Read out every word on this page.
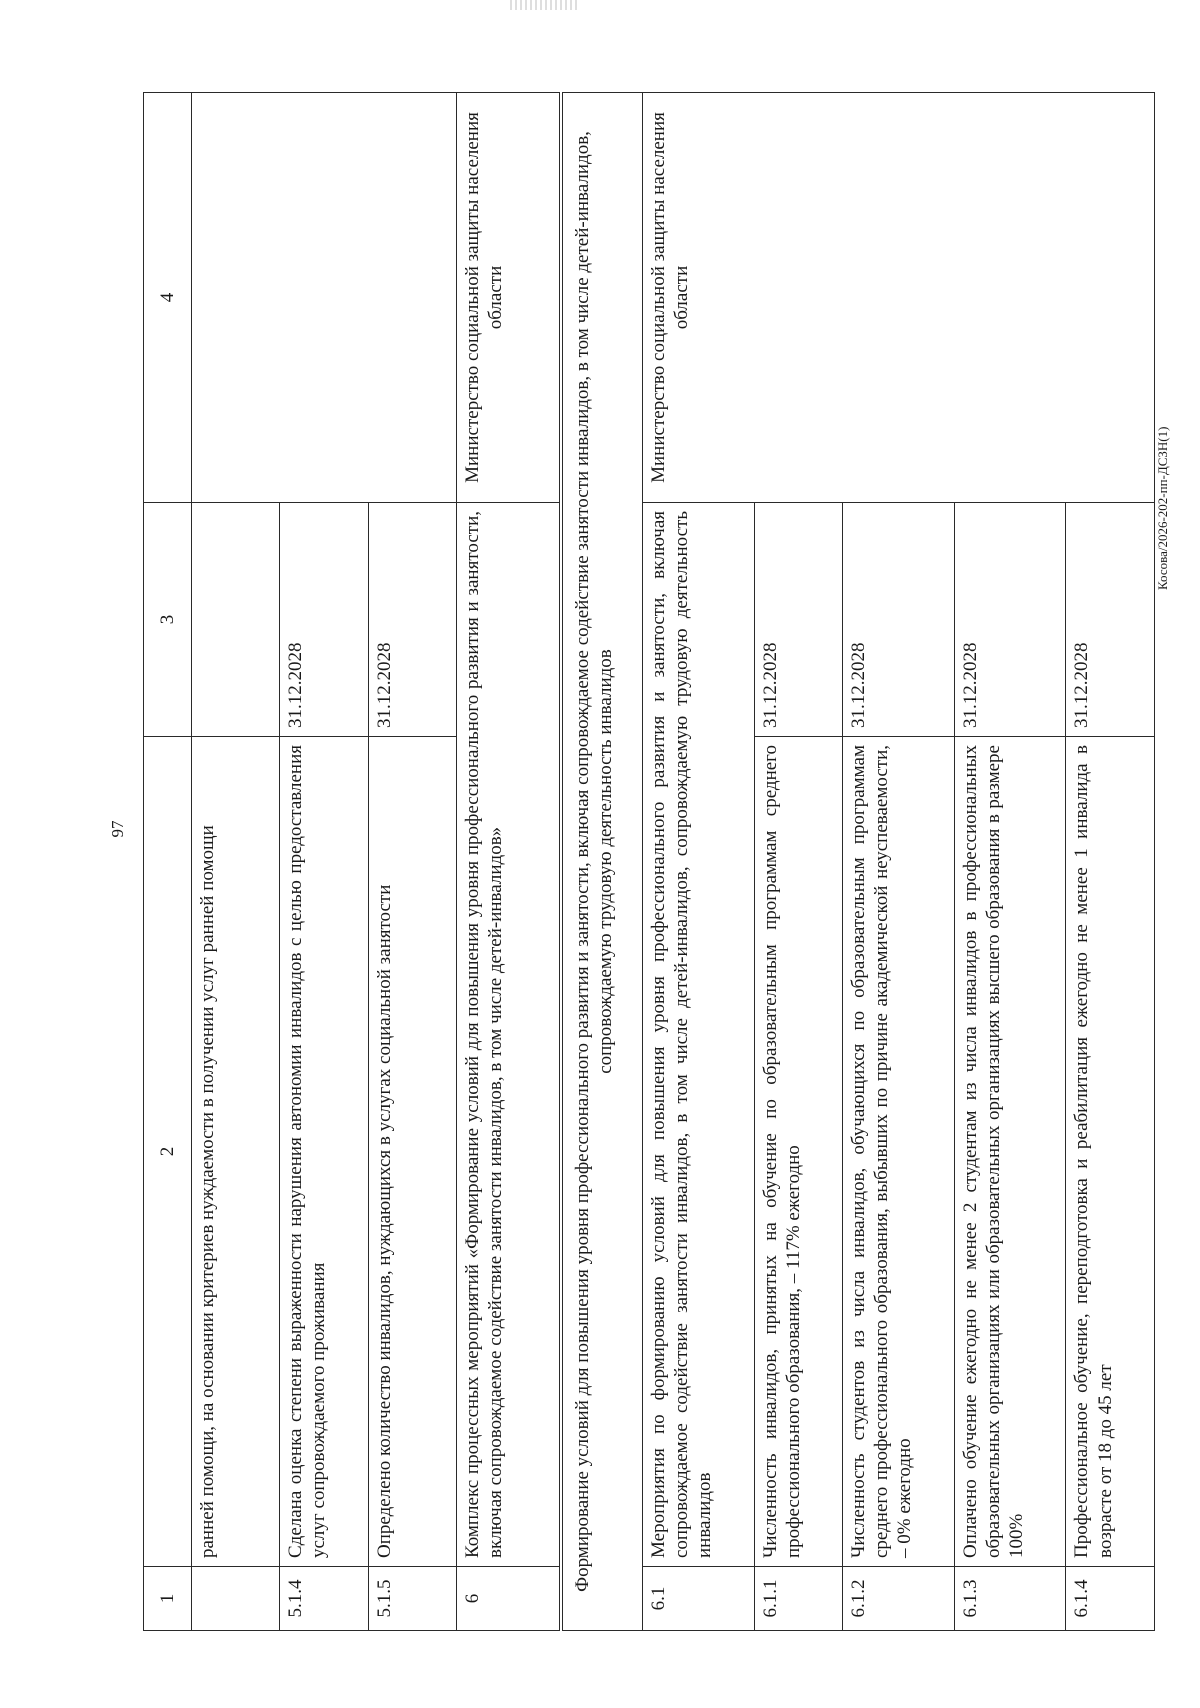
97
Косова/2026-202-пп-ДСЗН(1)
1	2	3	4
	ранней помощи, на основании критериев нуждаемости в получении услуг ранней помощи		
5.1.4	Сделана оценка степени выраженности нарушения автономии инвалидов с целью предоставления услуг сопровождаемого проживания	31.12.2028	
5.1.5	Определено количество инвалидов, нуждающихся в услугах социальной занятости	31.12.2028	
6	Комплекс процессных мероприятий «Формирование условий для повышения уровня профессионального развития и занятости, включая сопровождаемое содействие занятости инвалидов, в том числе детей-инвалидов»		Министерство социальной защиты населения области
Формирование условий для повышения уровня профессионального развития и занятости, включая сопровождаемое содействие занятости инвалидов, в том числе детей-инвалидов, сопровождаемую трудовую деятельность инвалидов			
6.1	Мероприятия по формированию условий для повышения уровня профессионального развития и занятости, включая сопровождаемое содействие занятости инвалидов, в том числе детей-инвалидов, сопровождаемую трудовую деятельность инвалидов		Министерство социальной защиты населения области
6.1.1	Численность инвалидов, принятых на обучение по образовательным программам среднего профессионального образования, – 117% ежегодно	31.12.2028	
6.1.2	Численность студентов из числа инвалидов, обучающихся по образовательным программам среднего профессионального образования, выбывших по причине академической неуспеваемости, – 0% ежегодно	31.12.2028	
6.1.3	Оплачено обучение ежегодно не менее 2 студентам из числа инвалидов в профессиональных образовательных организациях или образовательных организациях высшего образования в размере 100%	31.12.2028	
6.1.4	Профессиональное обучение, переподготовка и реабилитация ежегодно не менее 1 инвалида в возрасте от 18 до 45 лет	31.12.2028	
